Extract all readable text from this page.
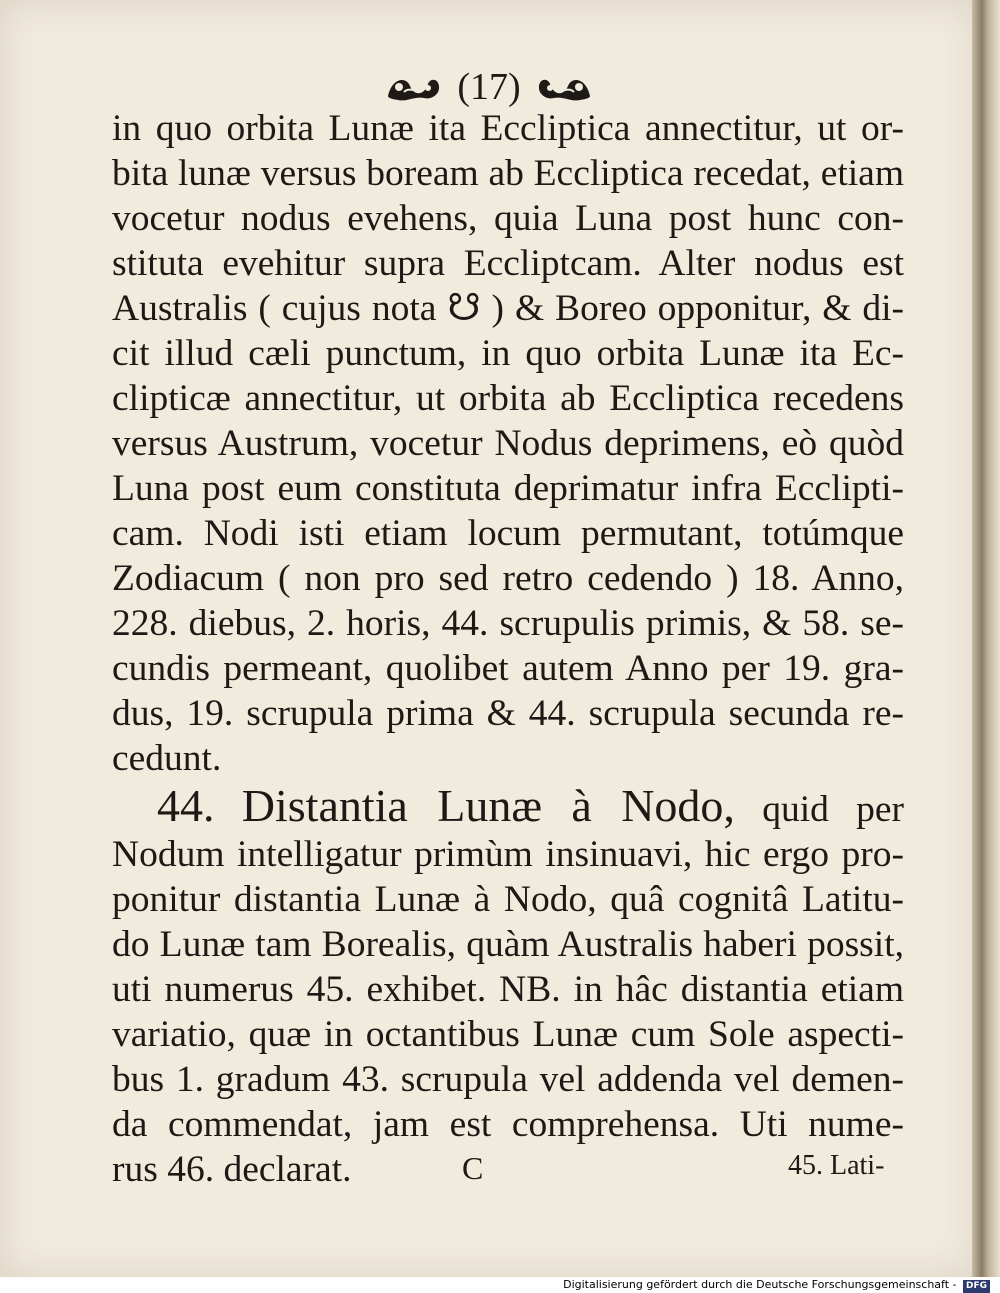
(17)
in quo orbita Lunæ ita Eccliptica annectitur, ut or-
bita lunæ versus boream ab Eccliptica recedat, etiam
vocetur nodus evehens, quia Luna post hunc con-
stituta evehitur supra Eccliptcam. Alter nodus est
Australis ( cujus nota ☋ ) & Boreo opponitur, & di-
cit illud cæli punctum, in quo orbita Lunæ ita Ec-
clipticæ annectitur, ut orbita ab Eccliptica recedens
versus Austrum, vocetur Nodus deprimens, eò quòd
Luna post eum constituta deprimatur infra Ecclipti-
cam. Nodi isti etiam locum permutant, totúmque
Zodiacum ( non pro sed retro cedendo ) 18. Anno,
228. diebus, 2. horis, 44. scrupulis primis, & 58. se-
cundis permeant, quolibet autem Anno per 19. gra-
dus, 19. scrupula prima & 44. scrupula secunda re-
cedunt.
44. Distantia Lunæ à Nodo, quid per
Nodum intelligatur primùm insinuavi, hic ergo pro-
ponitur distantia Lunæ à Nodo, quâ cognitâ Latitu-
do Lunæ tam Borealis, quàm Australis haberi possit,
uti numerus 45. exhibet. NB. in hâc distantia etiam
variatio, quæ in octantibus Lunæ cum Sole aspecti-
bus 1. gradum 43. scrupula vel addenda vel demen-
da commendat, jam est comprehensa. Uti nume-
rus 46. declarat.	C	45. Lati-
Digitalisierung gefördert durch die Deutsche Forschungsgemeinschaft - DFG
